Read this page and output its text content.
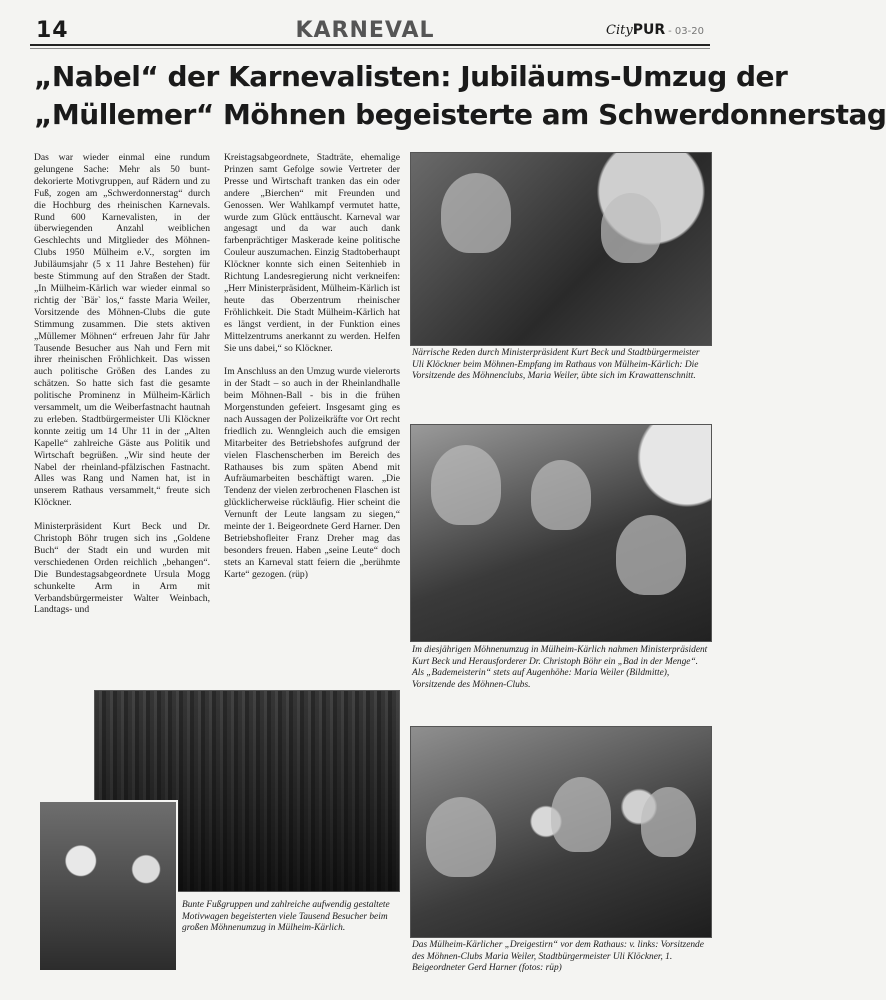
14	KARNEVAL	CityPUR - 03-20
„Nabel“ der Karnevalisten: Jubiläums-Umzug der
„Müllemer“ Möhnen begeisterte am Schwerdonnerstag

Das war wieder einmal eine rundum gelungene Sache: Mehr als 50 bunt-dekorierte Motivgruppen, auf Rädern und zu Fuß, zogen am „Schwerdonnerstag“ durch die Hochburg des rheinischen Karnevals. Rund 600 Karnevalisten, in der überwiegenden Anzahl weiblichen Geschlechts und Mitglieder des Möhnen-Clubs 1950 Mülheim e.V., sorgten im Jubiläumsjahr (5 x 11 Jahre Bestehen) für beste Stimmung auf den Straßen der Stadt. „In Mülheim-Kärlich war wieder einmal so richtig der `Bär` los,“ fasste Maria Weiler, Vorsitzende des Möhnen-Clubs die gute Stimmung zusammen. Die stets aktiven „Müllemer Möhnen“ erfreuen Jahr für Jahr Tausende Besucher aus Nah und Fern mit ihrer rheinischen Fröhlichkeit. Das wissen auch politische Größen des Landes zu schätzen. So hatte sich fast die gesamte politische Prominenz in Mülheim-Kärlich versammelt, um die Weiberfastnacht hautnah zu erleben. Stadtbürgermeister Uli Klöckner konnte zeitig um 14 Uhr 11 in der „Alten Kapelle“ zahlreiche Gäste aus Politik und Wirtschaft begrüßen. „Wir sind heute der Nabel der rheinland-pfälzischen Fastnacht. Alles was Rang und Namen hat, ist in unserem Rathaus versammelt,“ freute sich Klöckner.

Ministerpräsident Kurt Beck und Dr. Christoph Böhr trugen sich ins „Goldene Buch“ der Stadt ein und wurden mit verschiedenen Orden reichlich „behangen“. Die Bundestagsabgeordnete Ursula Mogg schunkelte Arm in Arm mit Verbandsbürgermeister Walter Weinbach, Landtags- und

Kreistagsabgeordnete, Stadträte, ehemalige Prinzen samt Gefolge sowie Vertreter der Presse und Wirtschaft tranken das ein oder andere „Bierchen“ mit Freunden und Genossen. Wer Wahlkampf vermutet hatte, wurde zum Glück enttäuscht. Karneval war angesagt und da war auch dank farbenprächtiger Maskerade keine politische Couleur auszumachen. Einzig Stadtoberhaupt Klöckner konnte sich einen Seitenhieb in Richtung Landesregierung nicht verkneifen: „Herr Ministerpräsident, Mülheim-Kärlich ist heute das Oberzentrum rheinischer Fröhlichkeit. Die Stadt Mülheim-Kärlich hat es längst verdient, in der Funktion eines Mittelzentrums anerkannt zu werden. Helfen Sie uns dabei,“ so Klöckner.

Im Anschluss an den Umzug wurde vielerorts in der Stadt – so auch in der Rheinlandhalle beim Möhnen-Ball - bis in die frühen Morgenstunden gefeiert. Insgesamt ging es nach Aussagen der Polizeikräfte vor Ort recht friedlich zu. Wenngleich auch die emsigen Mitarbeiter des Betriebshofes aufgrund der vielen Flaschenscherben im Bereich des Rathauses bis zum späten Abend mit Aufräumarbeiten beschäftigt waren. „Die Tendenz der vielen zerbrochenen Flaschen ist glücklicherweise rückläufig. Hier scheint die Vernunft der Leute langsam zu siegen,“ meinte der 1. Beigeordnete Gerd Harner. Den Betriebshofleiter Franz Dreher mag das besonders freuen. Haben „seine Leute“ doch stets an Karneval statt feiern die „berühmte Karte“ gezogen. (rüp)

Närrische Reden durch Ministerpräsident Kurt Beck und Stadtbürgermeister Uli Klöckner beim Möhnen-Empfang im Rathaus von Mülheim-Kärlich: Die Vorsitzende des Möhnenclubs, Maria Weiler, übte sich im Krawattenschnitt.

Im diesjährigen Möhnenumzug in Mülheim-Kärlich nahmen Ministerpräsident Kurt Beck und Herausforderer Dr. Christoph Böhr ein „Bad in der Menge“. Als „Bademeisterin“ stets auf Augenhöhe: Maria Weiler (Bildmitte), Vorsitzende des Möhnen-Clubs.

Bunte Fußgruppen und zahlreiche aufwendig gestaltete Motivwagen begeisterten viele Tausend Besucher beim großen Möhnenumzug in Mülheim-Kärlich.

Das Mülheim-Kärlicher „Dreigestirn“ vor dem Rathaus: v. links: Vorsitzende des Möhnen-Clubs Maria Weiler, Stadtbürgermeister Uli Klöckner, 1. Beigeordneter Gerd Harner (fotos: rüp)
